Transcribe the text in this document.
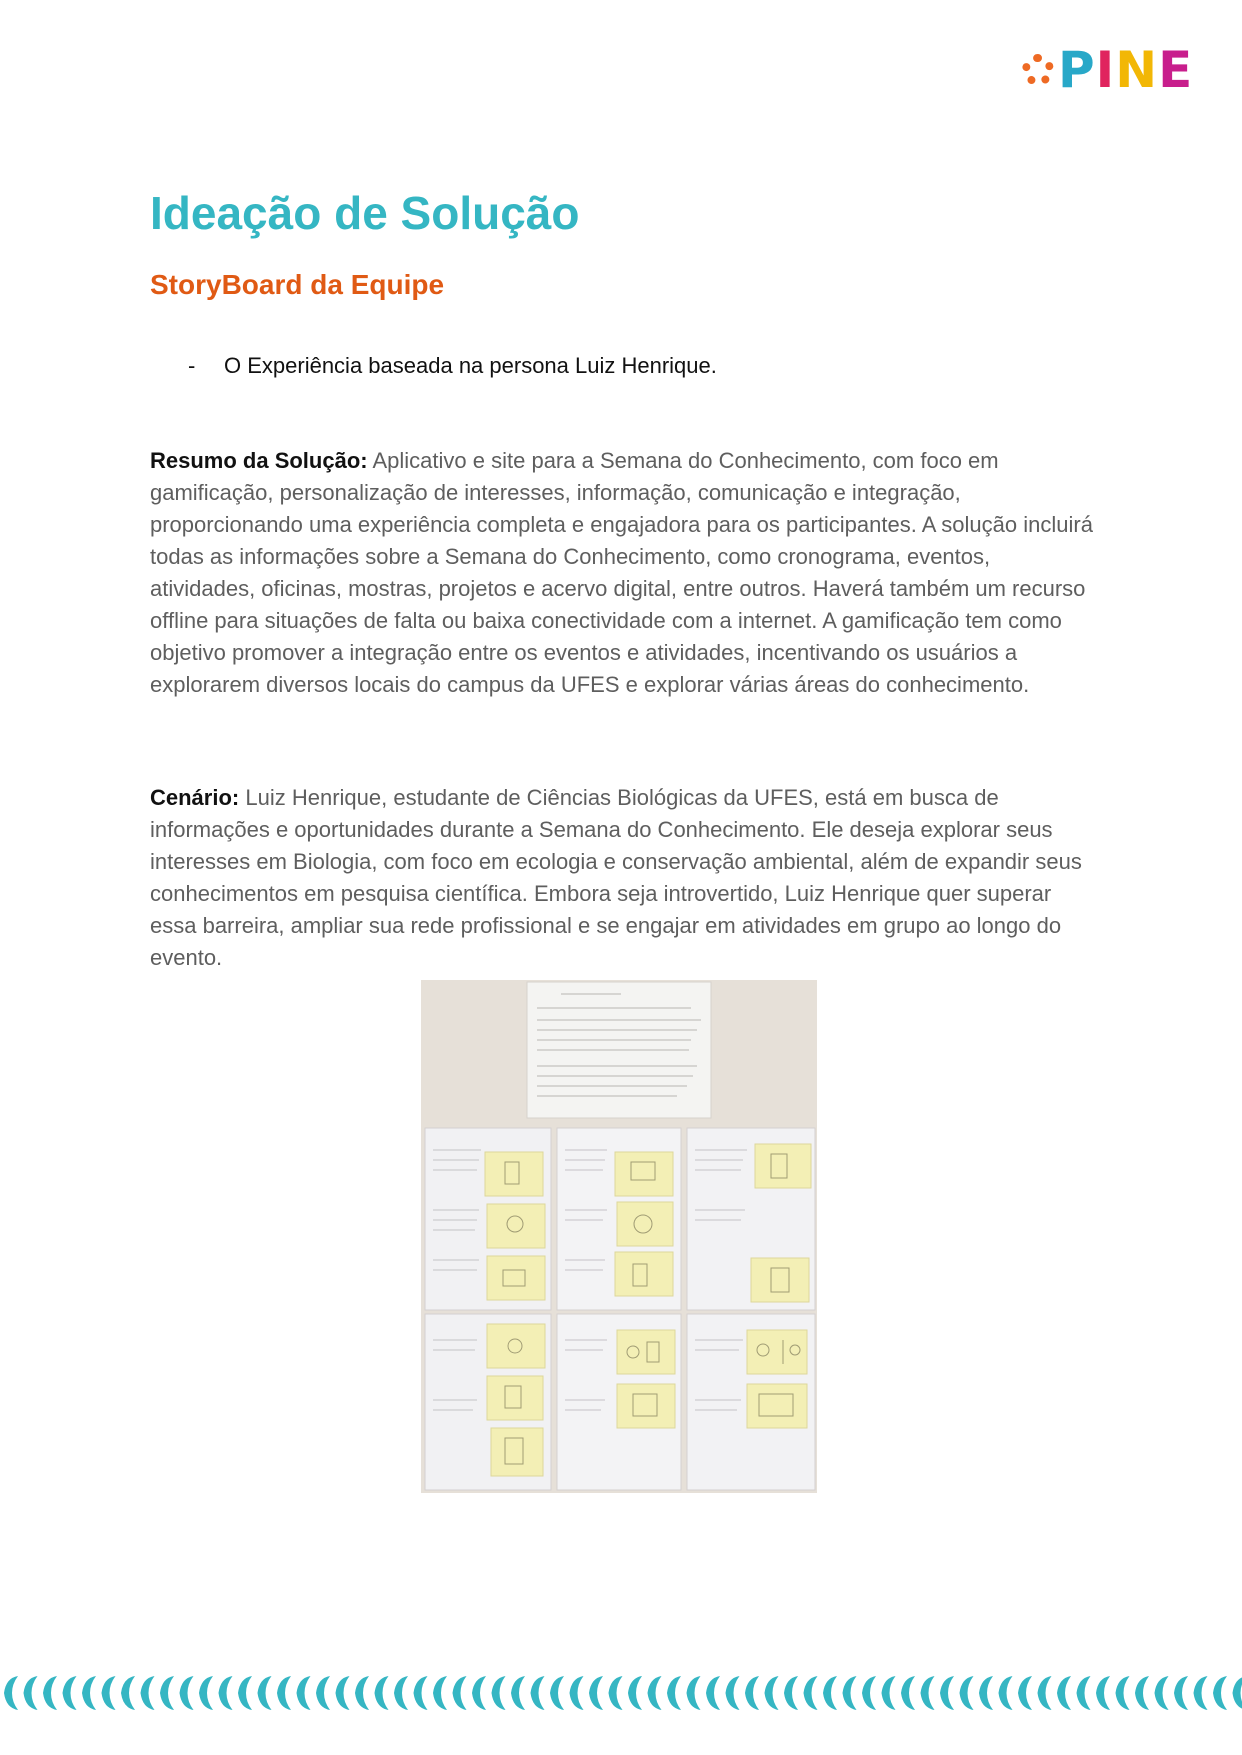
P I N E
Ideação de Solução
StoryBoard da Equipe
-	O Experiência baseada na persona Luiz Henrique.

Resumo da Solução: Aplicativo e site para a Semana do Conhecimento, com foco em gamificação, personalização de interesses, informação, comunicação e integração, proporcionando uma experiência completa e engajadora para os participantes. A solução incluirá todas as informações sobre a Semana do Conhecimento, como cronograma, eventos, atividades, oficinas, mostras, projetos e acervo digital, entre outros. Haverá também um recurso offline para situações de falta ou baixa conectividade com a internet. A gamificação tem como objetivo promover a integração entre os eventos e atividades, incentivando os usuários a explorarem diversos locais do campus da UFES e explorar várias áreas do conhecimento.

Cenário: Luiz Henrique, estudante de Ciências Biológicas da UFES, está em busca de informações e oportunidades durante a Semana do Conhecimento. Ele deseja explorar seus interesses em Biologia, com foco em ecologia e conservação ambiental, além de expandir seus conhecimentos em pesquisa científica. Embora seja introvertido, Luiz Henrique quer superar essa barreira, ampliar sua rede profissional e se engajar em atividades em grupo ao longo do evento.
